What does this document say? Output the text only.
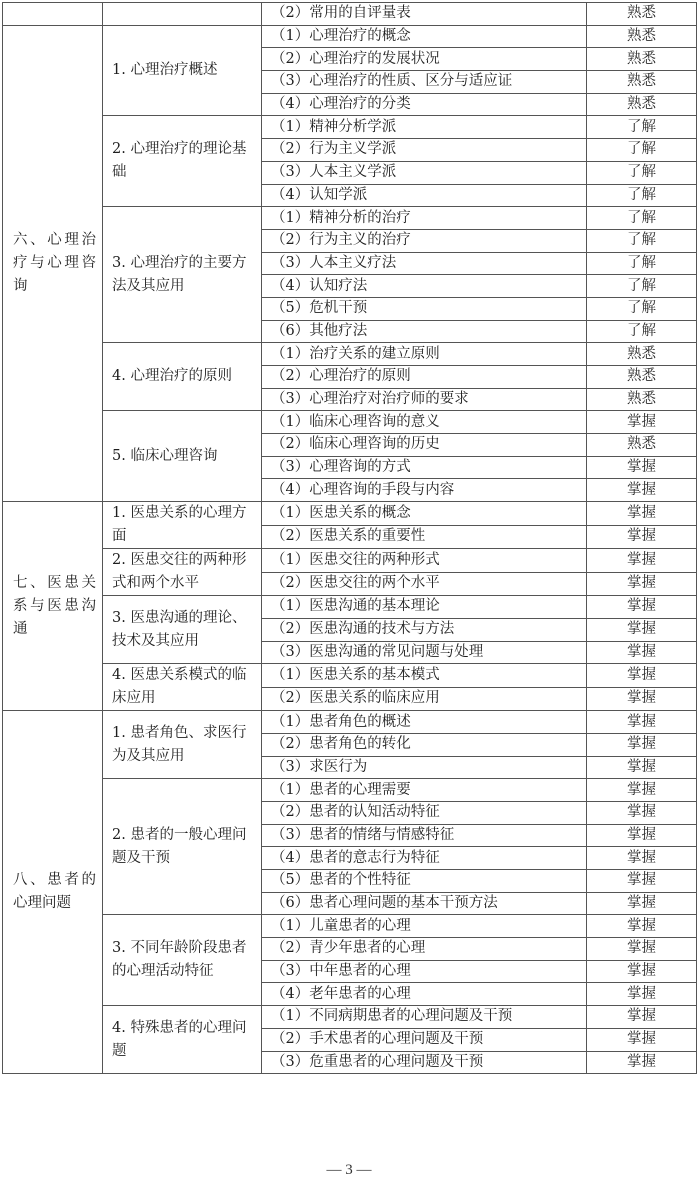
		（2）常用的自评量表	熟悉

六、心理治疗与心理咨询	1. 心理治疗概述	（1）心理治疗的概念	熟悉
		（2）心理治疗的发展状况	熟悉
		（3）心理治疗的性质、区分与适应证	熟悉
		（4）心理治疗的分类	熟悉
	2. 心理治疗的理论基础	（1）精神分析学派	了解
		（2）行为主义学派	了解
		（3）人本主义学派	了解
		（4）认知学派	了解
	3. 心理治疗的主要方法及其应用	（1）精神分析的治疗	了解
		（2）行为主义的治疗	了解
		（3）人本主义疗法	了解
		（4）认知疗法	了解
		（5）危机干预	了解
		（6）其他疗法	了解
	4. 心理治疗的原则	（1）治疗关系的建立原则	熟悉
		（2）心理治疗的原则	熟悉
		（3）心理治疗对治疗师的要求	熟悉
	5. 临床心理咨询	（1）临床心理咨询的意义	掌握
		（2）临床心理咨询的历史	熟悉
		（3）心理咨询的方式	掌握
		（4）心理咨询的手段与内容	掌握

七、医患关系与医患沟通	1. 医患关系的心理方面	（1）医患关系的概念	掌握
		（2）医患关系的重要性	掌握
	2. 医患交往的两种形式和两个水平	（1）医患交往的两种形式	掌握
		（2）医患交往的两个水平	掌握
	3. 医患沟通的理论、技术及其应用	（1）医患沟通的基本理论	掌握
		（2）医患沟通的技术与方法	掌握
		（3）医患沟通的常见问题与处理	掌握
	4. 医患关系模式的临床应用	（1）医患关系的基本模式	掌握
		（2）医患关系的临床应用	掌握

八、患者的心理问题	1. 患者角色、求医行为及其应用	（1）患者角色的概述	掌握
		（2）患者角色的转化	掌握
		（3）求医行为	掌握
	2. 患者的一般心理问题及干预	（1）患者的心理需要	掌握
		（2）患者的认知活动特征	掌握
		（3）患者的情绪与情感特征	掌握
		（4）患者的意志行为特征	掌握
		（5）患者的个性特征	掌握
		（6）患者心理问题的基本干预方法	掌握
	3. 不同年龄阶段患者的心理活动特征	（1）儿童患者的心理	掌握
		（2）青少年患者的心理	掌握
		（3）中年患者的心理	掌握
		（4）老年患者的心理	掌握
	4. 特殊患者的心理问题	（1）不同病期患者的心理问题及干预	掌握
		（2）手术患者的心理问题及干预	掌握
		（3）危重患者的心理问题及干预	掌握
— 3 —
